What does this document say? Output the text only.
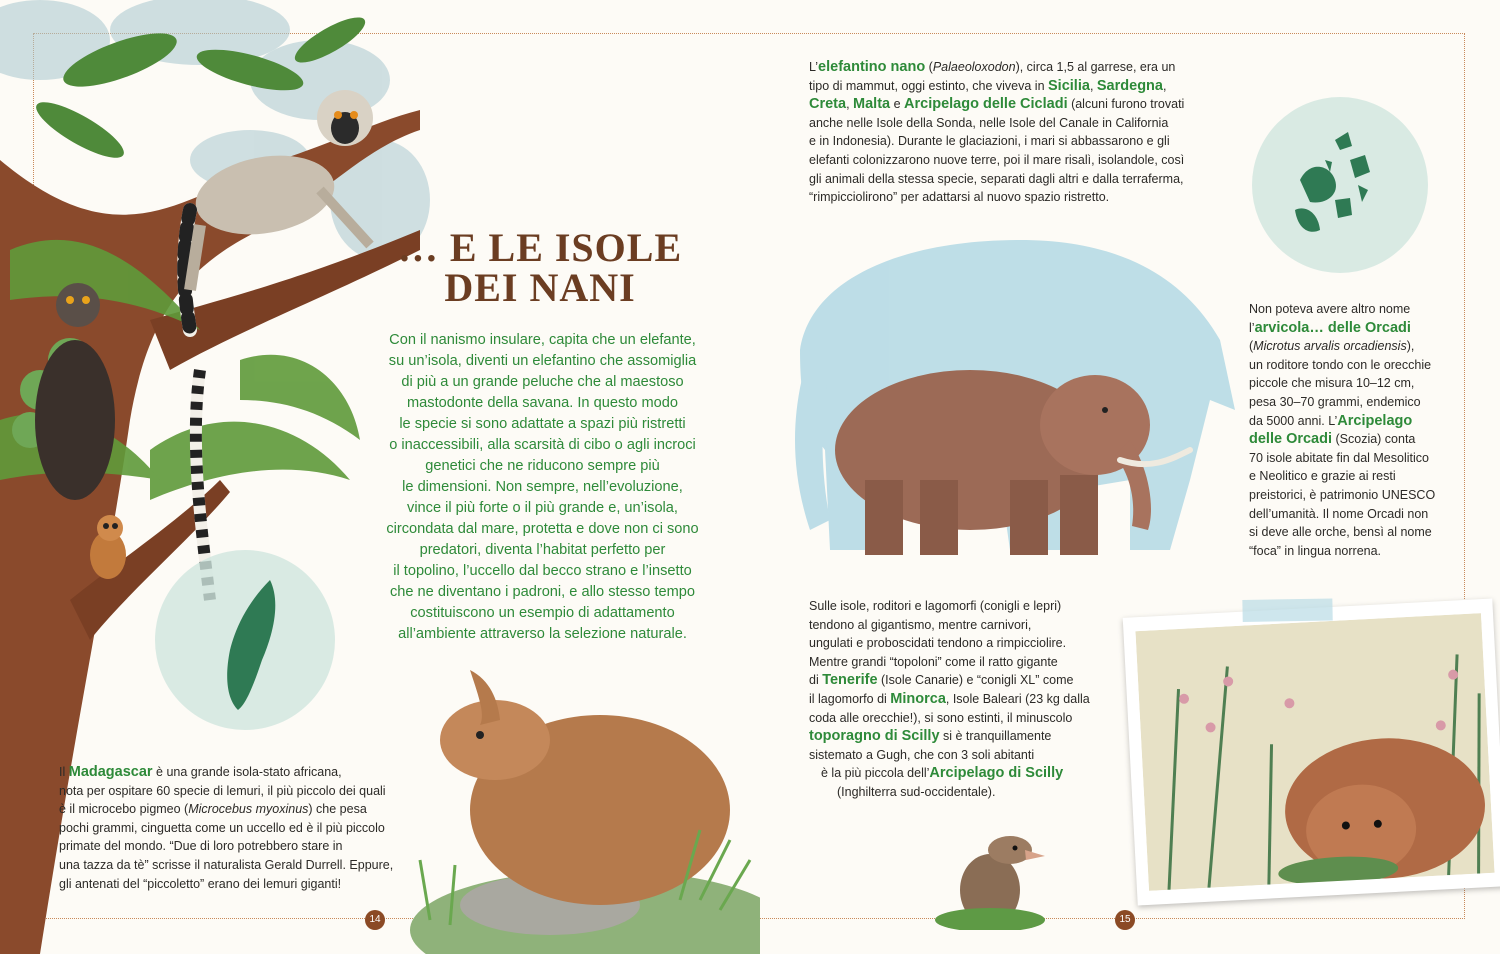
… E LE ISOLE
DEI NANI
Con il nanismo insulare, capita che un elefante,
su un’isola, diventi un elefantino che assomiglia
di più a un grande peluche che al maestoso
mastodonte della savana. In questo modo
le specie si sono adattate a spazi più ristretti
o inaccessibili, alla scarsità di cibo o agli incroci
genetici che ne riducono sempre più
le dimensioni. Non sempre, nell’evoluzione,
vince il più forte o il più grande e, un’isola,
circondata dal mare, protetta e dove non ci sono
predatori, diventa l’habitat perfetto per
il topolino, l’uccello dal becco strano e l’insetto
che ne diventano i padroni, e allo stesso tempo
costituiscono un esempio di adattamento
all’ambiente attraverso la selezione naturale.
Il Madagascar è una grande isola-stato africana,
nota per ospitare 60 specie di lemuri, il più piccolo dei quali
è il microcebo pigmeo (Microcebus myoxinus) che pesa
pochi grammi, cinguetta come un uccello ed è il più piccolo
primate del mondo. “Due di loro potrebbero stare in
una tazza da tè” scrisse il naturalista Gerald Durrell. Eppure,
gli antenati del “piccoletto” erano dei lemuri giganti!
L’elefantino nano (Palaeoloxodon), circa 1,5 al garrese, era un
tipo di mammut, oggi estinto, che viveva in Sicilia, Sardegna,
Creta, Malta e Arcipelago delle Cicladi (alcuni furono trovati
anche nelle Isole della Sonda, nelle Isole del Canale in California
e in Indonesia). Durante le glaciazioni, i mari si abbassarono e gli
elefanti colonizzarono nuove terre, poi il mare risalì, isolandole, così
gli animali della stessa specie, separati dagli altri e dalla terraferma,
“rimpicciolirono” per adattarsi al nuovo spazio ristretto.
Non poteva avere altro nome
l’arvicola… delle Orcadi
(Microtus arvalis orcadiensis),
un roditore tondo con le orecchie
piccole che misura 10–12 cm,
pesa 30–70 grammi, endemico
da 5000 anni. L’Arcipelago
delle Orcadi (Scozia) conta
70 isole abitate fin dal Mesolitico
e Neolitico e grazie ai resti
preistorici, è patrimonio UNESCO
dell’umanità. Il nome Orcadi non
si deve alle orche, bensì al nome
“foca” in lingua norrena.
Sulle isole, roditori e lagomorfi (conigli e lepri)
tendono al gigantismo, mentre carnivori,
ungulati e proboscidati tendono a rimpicciolire.
Mentre grandi “topoloni” come il ratto gigante
di Tenerife (Isole Canarie) e “conigli XL” come
il lagomorfo di Minorca, Isole Baleari (23 kg dalla
coda alle orecchie!), si sono estinti, il minuscolo
toporagno di Scilly si è tranquillamente
sistemato a Gugh, che con 3 soli abitanti
è la più piccola dell’Arcipelago di Scilly
(Inghilterra sud-occidentale).
14	15
